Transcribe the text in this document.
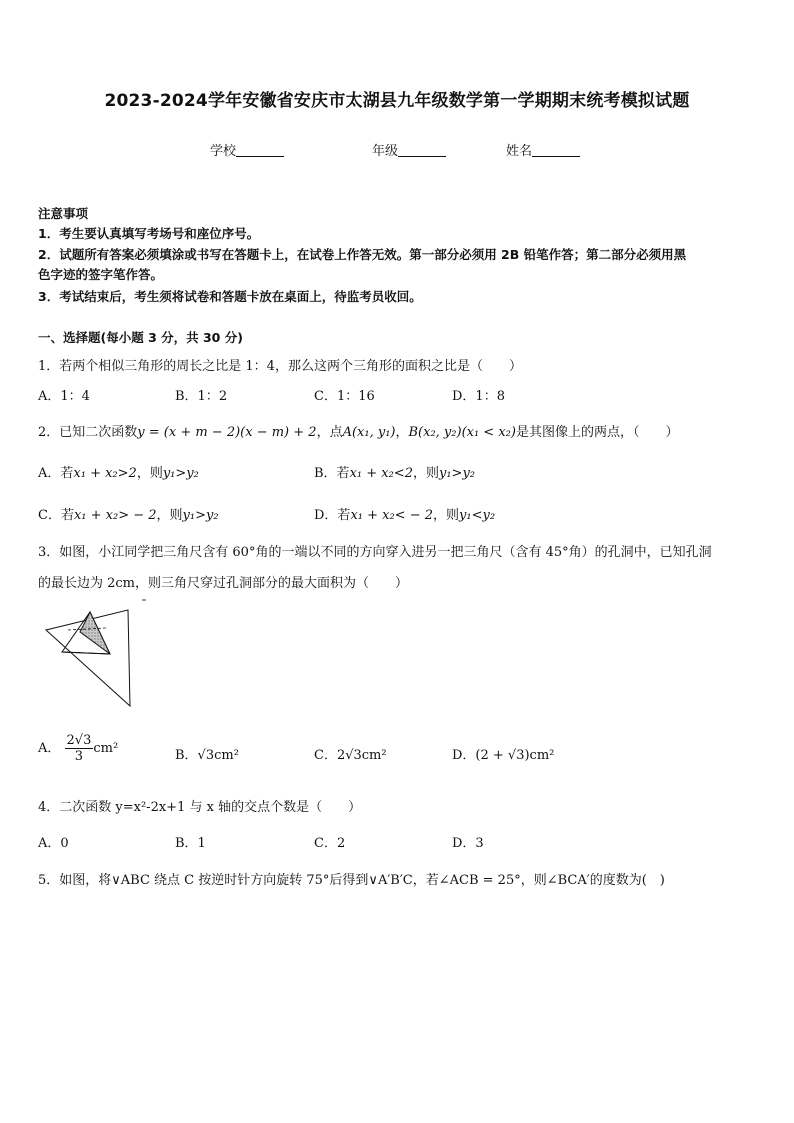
2023-2024学年安徽省安庆市太湖县九年级数学第一学期期末统考模拟试题
学校	年级	姓名
注意事项
1．考生要认真填写考场号和座位序号。
2．试题所有答案必须填涂或书写在答题卡上，在试卷上作答无效。第一部分必须用 2B 铅笔作答；第二部分必须用黑
色字迹的签字笔作答。
3．考试结束后，考生须将试卷和答题卡放在桌面上，待监考员收回。
一、选择题(每小题 3 分，共 30 分)
1．若两个相似三角形的周长之比是 1：4，那么这两个三角形的面积之比是（　　）
A．1：4	B．1：2	C．1：16	D．1：8
2．已知二次函数y = (x + m − 2)(x − m) + 2，点A(x₁, y₁)，B(x₂, y₂)(x₁ < x₂)是其图像上的两点，（　　）
A．若x₁ + x₂>2，则y₁>y₂	B．若x₁ + x₂<2，则y₁>y₂
C．若x₁ + x₂> − 2，则y₁>y₂	D．若x₁ + x₂< − 2，则y₁<y₂
3．如图，小江同学把三角尺含有 60°角的一端以不同的方向穿入进另一把三角尺（含有 45°角）的孔洞中，已知孔洞
的最长边为 2cm，则三角尺穿过孔洞部分的最大面积为（　　）
A． $\frac{2√3}{3} cm^2$	B．√3cm²	C．2√3cm²	D．(2 + √3)cm²
4．二次函数 y=x²-2x+1 与 x 轴的交点个数是（　　）
A．0	B．1	C．2	D．3
5．如图，将∨ABC 绕点 C 按逆时针方向旋转 75°后得到∨A′B′C，若∠ACB = 25°，则∠BCA′的度数为(　)
